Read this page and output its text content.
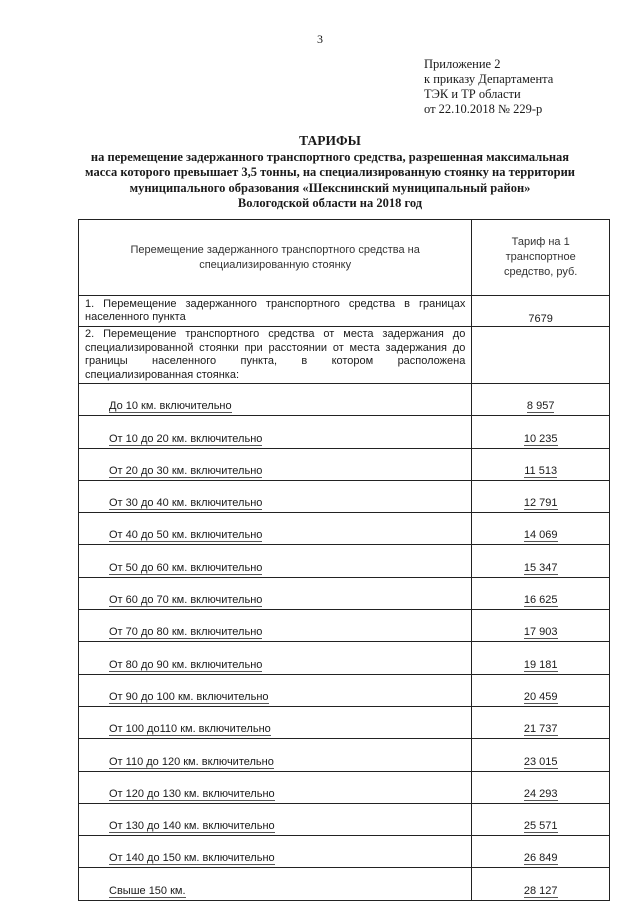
3
Приложение 2
к приказу Департамента
ТЭК и ТР области
от 22.10.2018 № 229-р
ТАРИФЫ
на перемещение задержанного транспортного средства, разрешенная максимальная
масса которого превышает 3,5 тонны, на специализированную стоянку на территории
муниципального образования «Шекснинский муниципальный район»
Вологодской области на 2018 год
Перемещение задержанного транспортного средства на специализированную стоянку	Тариф на 1 транспортное средство, руб.
1. Перемещение задержанного транспортного средства в границах населенного пункта	7679
2. Перемещение транспортного средства от места задержания до специализированной стоянки при расстоянии от места задержания до границы населенного пункта, в котором расположена специализированная стоянка:	
До 10 км. включительно	8 957
От 10 до 20 км. включительно	10 235
От 20 до 30 км. включительно	11 513
От 30 до 40 км. включительно	12 791
От 40 до 50 км. включительно	14 069
От 50 до 60 км. включительно	15 347
От 60 до 70 км. включительно	16 625
От 70 до 80 км. включительно	17 903
От 80 до 90 км. включительно	19 181
От 90 до 100 км. включительно	20 459
От 100 до110 км. включительно	21 737
От 110 до 120 км. включительно	23 015
От 120 до 130 км. включительно	24 293
От 130 до 140 км. включительно	25 571
От 140 до 150 км. включительно	26 849
Свыше 150 км.	28 127
